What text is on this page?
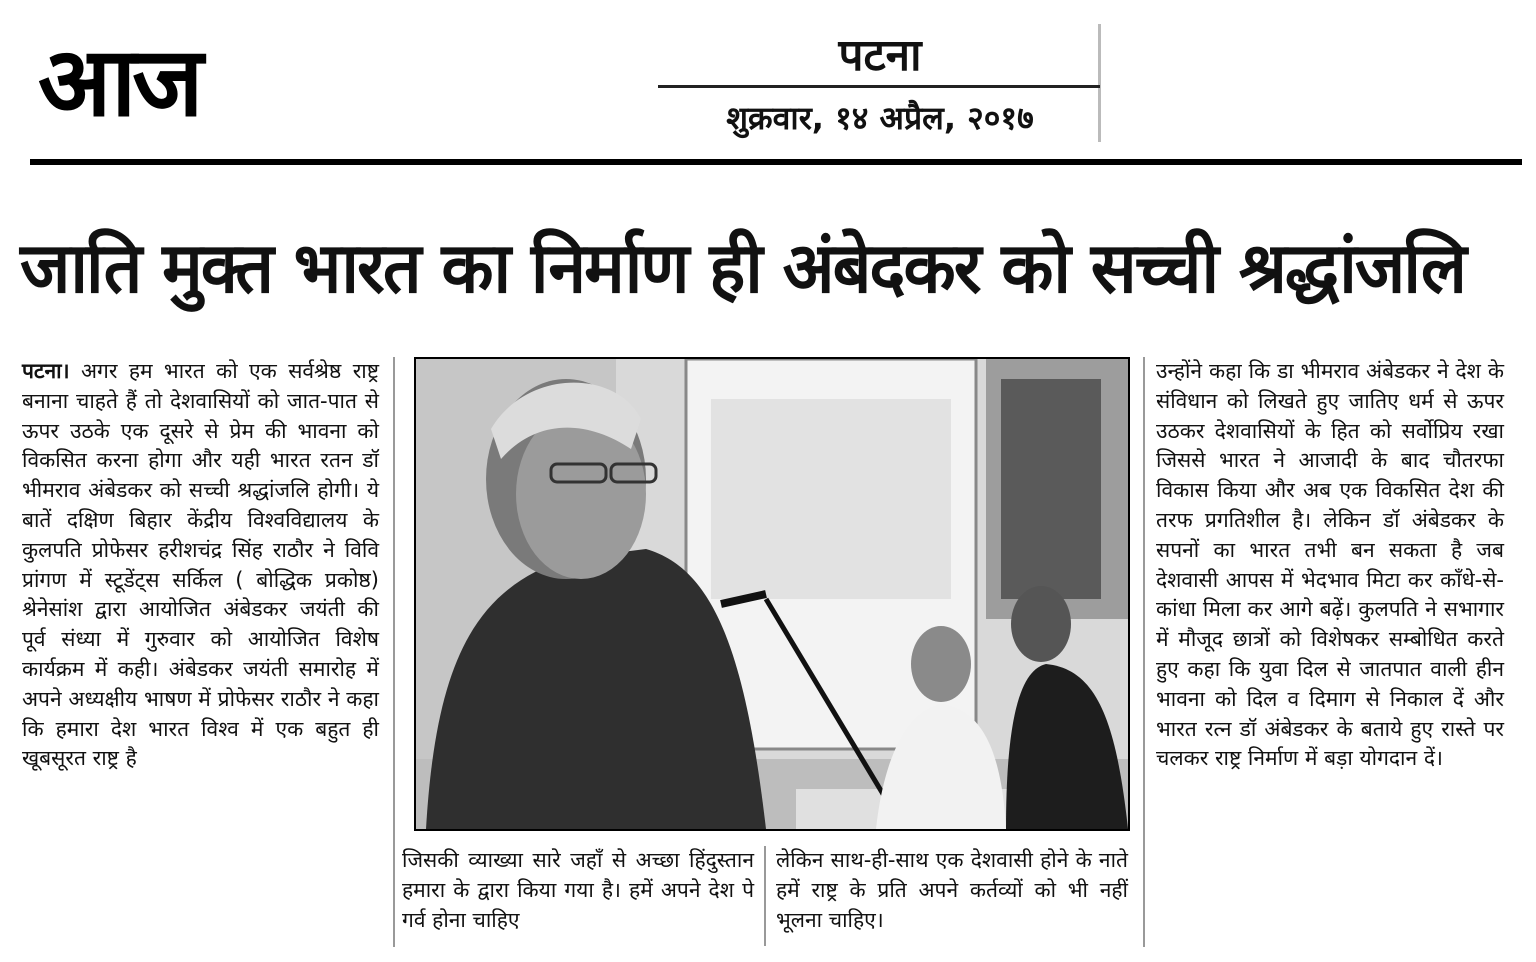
आज	पटना
शुक्रवार, १४ अप्रैल, २०१७
जाति मुक्त भारत का निर्माण ही अंबेदकर को सच्ची श्रद्धांजलि
पटना। अगर हम भारत को एक सर्वश्रेष्ठ राष्ट्र बनाना चाहते हैं तो देशवासियों को जात-पात से ऊपर उठके एक दूसरे से प्रेम की भावना को विकसित करना होगा और यही भारत रतन डॉ भीमराव अंबेडकर को सच्ची श्रद्धांजलि होगी। ये बातें दक्षिण बिहार केंद्रीय विश्वविद्यालय के कुलपति प्रोफेसर हरीशचंद्र सिंह राठौर ने विवि प्रांगण में स्टूडेंट्स सर्किल ( बोद्धिक प्रकोष्ठ) श्रेनेसांश द्वारा आयोजित अंबेडकर जयंती की पूर्व संध्या में गुरुवार को आयोजित विशेष कार्यक्रम में कही। अंबेडकर जयंती समारोह में अपने अध्यक्षीय भाषण में प्रोफेसर राठौर ने कहा कि हमारा देश भारत विश्व में एक बहुत ही खूबसूरत राष्ट्र है
जिसकी व्याख्या सारे जहाँ से अच्छा हिंदुस्तान हमारा के द्वारा किया गया है। हमें अपने देश पे गर्व होना चाहिए
लेकिन साथ-ही-साथ एक देशवासी होने के नाते हमें राष्ट्र के प्रति अपने कर्तव्यों को भी नहीं भूलना चाहिए।
उन्होंने कहा कि डा भीमराव अंबेडकर ने देश के संविधान को लिखते हुए जातिए धर्म से ऊपर उठकर देशवासियों के हित को सर्वोप्रिय रखा जिससे भारत ने आजादी के बाद चौतरफा विकास किया और अब एक विकसित देश की तरफ प्रगतिशील है। लेकिन डॉ अंबेडकर के सपनों का भारत तभी बन सकता है जब देशवासी आपस में भेदभाव मिटा कर काँधे-से-कांधा मिला कर आगे बढ़ें। कुलपति ने सभागार में मौजूद छात्रों को विशेषकर सम्बोधित करते हुए कहा कि युवा दिल से जातपात वाली हीन भावना को दिल व दिमाग से निकाल दें और भारत रत्न डॉ अंबेडकर के बताये हुए रास्ते पर चलकर राष्ट्र निर्माण में बड़ा योगदान दें।
